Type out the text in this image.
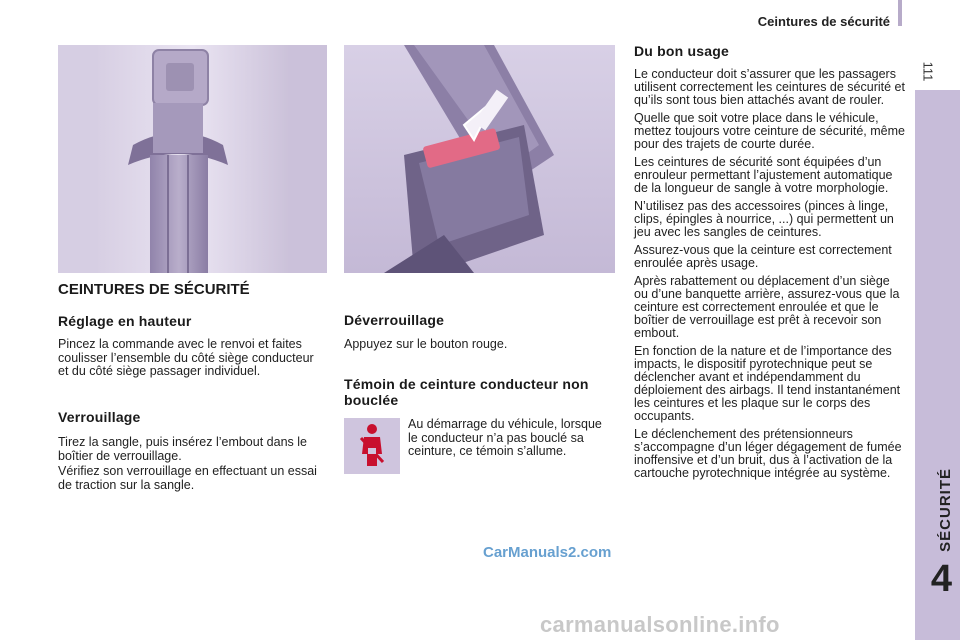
Ceintures de sécurité
111
SÉCURITÉ
4
CEINTURES DE SÉCURITÉ
Réglage en hauteur
Pincez la commande avec le renvoi et faites coulisser l’ensemble du côté siège conducteur et du côté siège passager individuel.
Verrouillage
Tirez la sangle, puis insérez l’embout dans le boîtier de verrouillage.
Vérifiez son verrouillage en effectuant un essai de traction sur la sangle.
Déverrouillage
Appuyez sur le bouton rouge.
Témoin de ceinture conducteur non bouclée
Au démarrage du véhicule, lorsque le conducteur n’a pas bouclé sa ceinture, ce témoin s’allume.
Du bon usage

Le conducteur doit s’assurer que les passagers utilisent correctement les ceintures de sécurité et qu’ils sont tous bien attachés avant de rouler.

Quelle que soit votre place dans le véhicule, mettez toujours votre ceinture de sécurité, même pour des trajets de courte durée.

Les ceintures de sécurité sont équipées d’un enrouleur permettant l’ajustement automatique de la longueur de sangle à votre morphologie.

N’utilisez pas des accessoires (pinces à linge, clips, épingles à nourrice, ...) qui permettent un jeu avec les sangles de ceintures.

Assurez-vous que la ceinture est correctement enroulée après usage.

Après rabattement ou déplacement d’un siège ou d’une banquette arrière, assurez-vous que la ceinture est correctement enroulée et que le boîtier de verrouillage est prêt à recevoir son embout.

En fonction de la nature et de l’importance des impacts, le dispositif pyrotechnique peut se déclencher avant et indépendamment du déploiement des airbags. Il tend instantanément les ceintures et les plaque sur le corps des occupants.

Le déclenchement des prétensionneurs s’accompagne d’un léger dégagement de fumée inoffensive et d’un bruit, dus à l’activation de la cartouche pyrotechnique intégrée au système.

CarManuals2.com
carmanualsonline.info
